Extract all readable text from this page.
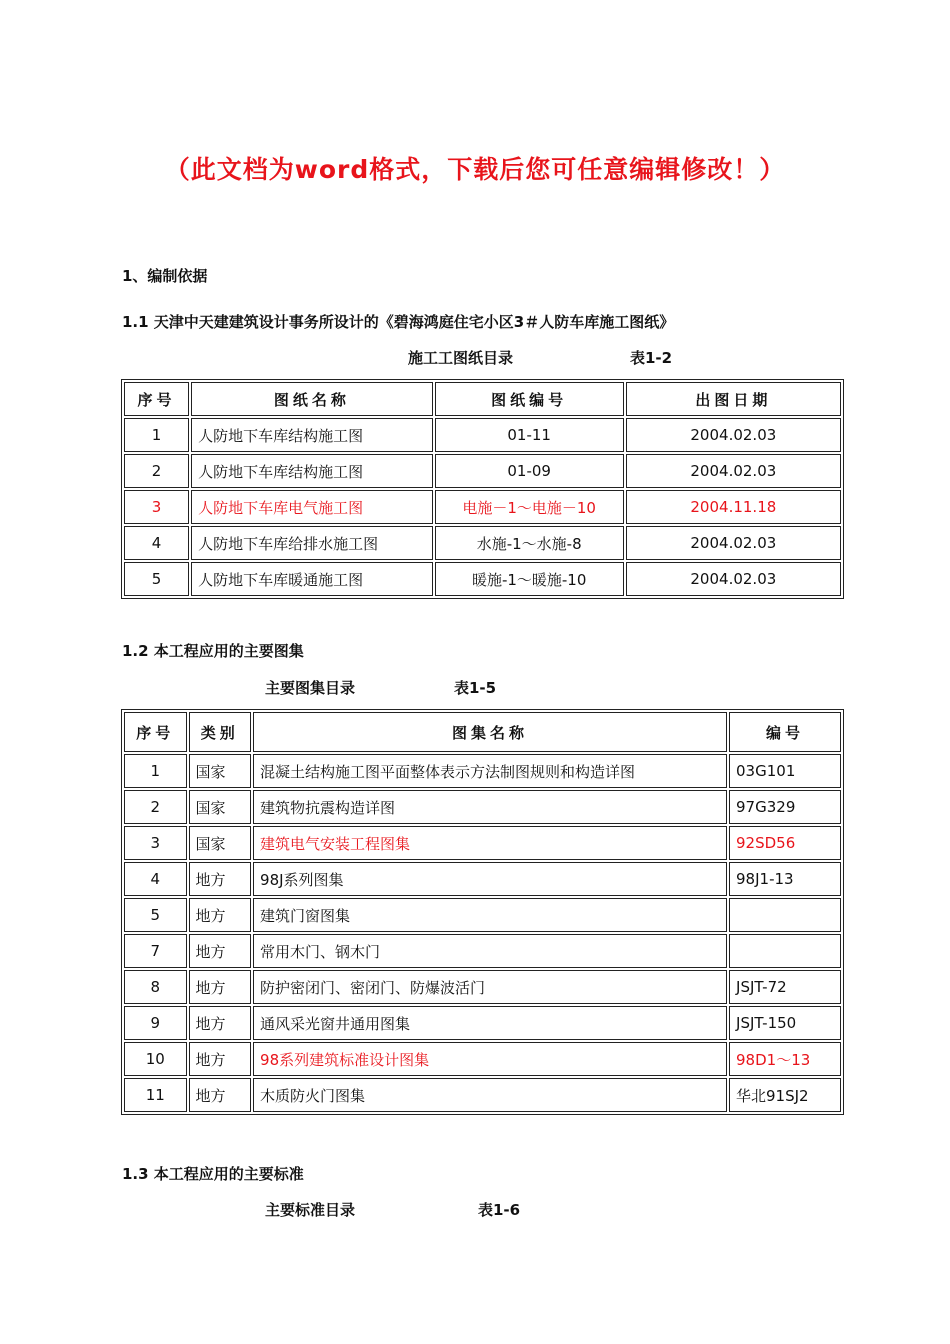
（此文档为word格式，下载后您可任意编辑修改！）
1、编制依据
1.1 天津中天建建筑设计事务所设计的《碧海鸿庭住宅小区3＃人防车库施工图纸》
施工工图纸目录	表1-2
序号	图纸名称	图纸编号	出图日期
1	人防地下车库结构施工图	01-11	2004.02.03
2	人防地下车库结构施工图	01-09	2004.02.03
3	人防地下车库电气施工图	电施－1～电施－10	2004.11.18
4	人防地下车库给排水施工图	水施-1～水施-8	2004.02.03
5	人防地下车库暖通施工图	暖施-1～暖施-10	2004.02.03
1.2 本工程应用的主要图集
主要图集目录	表1-5
序号	类别	图集名称	编号
1	国家	混凝土结构施工图平面整体表示方法制图规则和构造详图	03G101
2	国家	建筑物抗震构造详图	97G329
3	国家	建筑电气安装工程图集	92SD56
4	地方	98J系列图集	98J1-13
5	地方	建筑门窗图集	
7	地方	常用木门、钢木门	
8	地方	防护密闭门、密闭门、防爆波活门	JSJT-72
9	地方	通风采光窗井通用图集	JSJT-150
10	地方	98系列建筑标准设计图集	98D1～13
11	地方	木质防火门图集	华北91SJ2
1.3 本工程应用的主要标准
主要标准目录	表1-6
